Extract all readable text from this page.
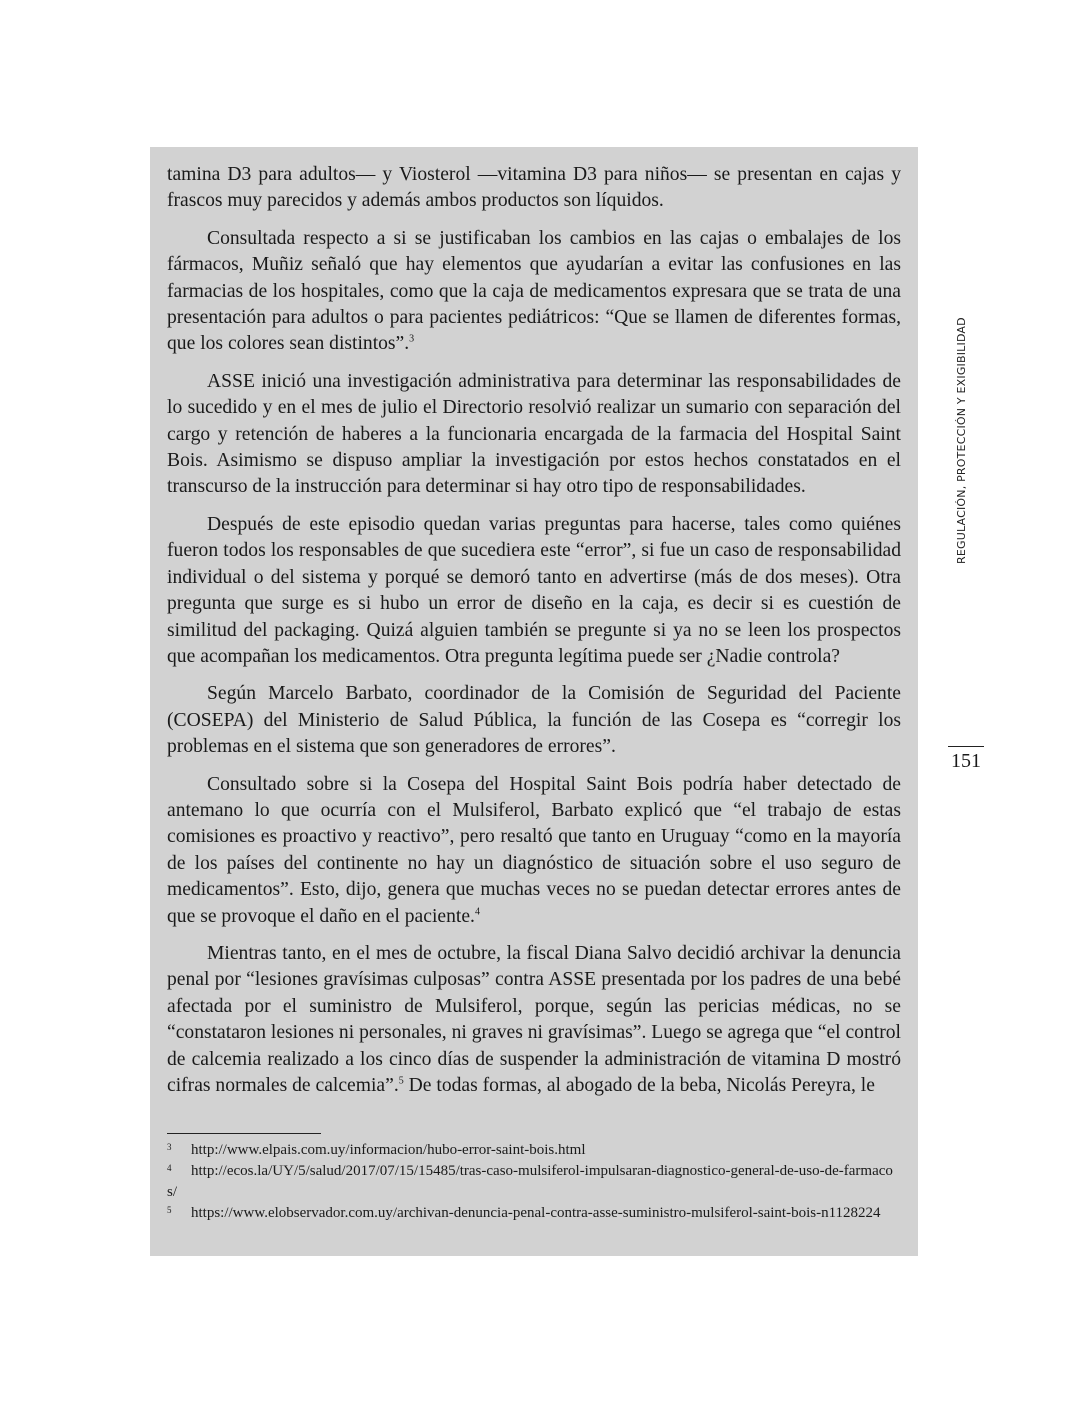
tamina D3 para adultos— y Viosterol —vitamina D3 para niños— se presentan en cajas y frascos muy parecidos y además ambos productos son líquidos.

Consultada respecto a si se justificaban los cambios en las cajas o embalajes de los fármacos, Muñiz señaló que hay elementos que ayudarían a evitar las confusiones en las farmacias de los hospitales, como que la caja de medicamentos expresara que se trata de una presentación para adultos o para pacientes pediátricos: “Que se llamen de diferentes formas, que los colores sean distintos”.$^3$

ASSE inició una investigación administrativa para determinar las responsabilidades de lo sucedido y en el mes de julio el Directorio resolvió realizar un sumario con separación del cargo y retención de haberes a la funcionaria encargada de la farmacia del Hospital Saint Bois. Asimismo se dispuso ampliar la investigación por estos hechos constatados en el transcurso de la instrucción para determinar si hay otro tipo de responsabilidades.

Después de este episodio quedan varias preguntas para hacerse, tales como quiénes fueron todos los responsables de que sucediera este “error”, si fue un caso de responsabilidad individual o del sistema y porqué se demoró tanto en advertirse (más de dos meses). Otra pregunta que surge es si hubo un error de diseño en la caja, es decir si es cuestión de similitud del packaging. Quizá alguien también se pregunte si ya no se leen los prospectos que acompañan los medicamentos. Otra pregunta legítima puede ser ¿Nadie controla?

Según Marcelo Barbato, coordinador de la Comisión de Seguridad del Paciente (COSEPA) del Ministerio de Salud Pública, la función de las Cosepa es “corregir los problemas en el sistema que son generadores de errores”.

Consultado sobre si la Cosepa del Hospital Saint Bois podría haber detectado de antemano lo que ocurría con el Mulsiferol, Barbato explicó que “el trabajo de estas comisiones es proactivo y reactivo”, pero resaltó que tanto en Uruguay “como en la mayoría de los países del continente no hay un diagnóstico de situación sobre el uso seguro de medicamentos”. Esto, dijo, genera que muchas veces no se puedan detectar errores antes de que se provoque el daño en el paciente.$^4$

Mientras tanto, en el mes de octubre, la fiscal Diana Salvo decidió archivar la denuncia penal por “lesiones gravísimas culposas” contra ASSE presentada por los padres de una bebé afectada por el suministro de Mulsiferol, porque, según las pericias médicas, no se “constataron lesiones ni personales, ni graves ni gravísimas”. Luego se agrega que “el control de calcemia realizado a los cinco días de suspender la administración de vitamina D mostró cifras normales de calcemia”.$^5$ De todas formas, al abogado de la beba, Nicolás Pereyra, le

3 http://www.elpais.com.uy/informacion/hubo-error-saint-bois.html

4 http://ecos.la/UY/5/salud/2017/07/15/15485/tras-caso-mulsiferol-impulsaran-diagnostico-general-de-uso-de-farmacos/

5 https://www.elobservador.com.uy/archivan-denuncia-penal-contra-asse-suministro-mulsiferol-saint-bois-n1128224

REGULACIÓN, PROTECCIÓN Y EXIGIBILIDAD
151
